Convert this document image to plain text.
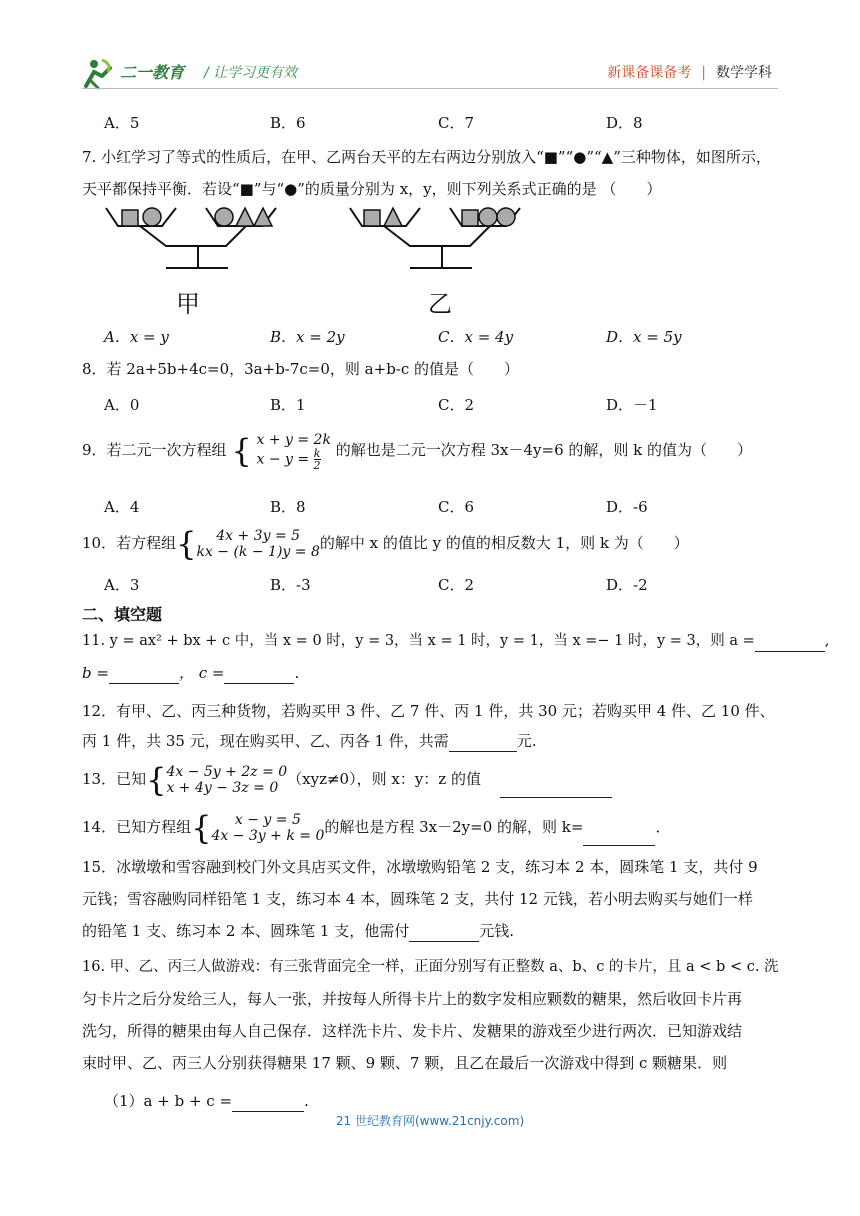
二一教育 / 让学习更有效	新课备课备考 | 数学学科
A．5	B．6	C．7	D．8
7. 小红学习了等式的性质后，在甲、乙两台天平的左右两边分别放入“■”“●”“▲”三种物体，如图所示，
天平都保持平衡．若设“■”与“●”的质量分别为 x，y，则下列关系式正确的是 （　　）
甲	乙
A．x = y	B．x = 2y	C．x = 4y	D．x = 5y
8．若 2a+5b+4c=0，3a+b-7c=0，则 a+b-c 的值是（　　）
A．0	B．1	C．2	D．－1
9．若二元一次方程组 { x + y = 2k
$x - y = \frac{k}{2}$ 的解也是二元一次方程 3x－4y=6 的解，则 k 的值为（　　）
A．4	B．8	C．6	D．-6
10．若方程组{	4x + 3y = 5
kx − (k − 1)y = 8 的解中 x 的值比 y 的值的相反数大 1，则 k 为（　　）
A．3	B．-3	C．2	D．-2
二、填空题
11. y = ax² + bx + c 中，当 x = 0 时，y = 3，当 x = 1 时，y = 1，当 x =− 1 时，y = 3，则 a =	,
b =	， c =	.
12．有甲、乙、丙三种货物，若购买甲 3 件、乙 7 件、丙 1 件，共 30 元；若购买甲 4 件、乙 10 件、
丙 1 件，共 35 元，现在购买甲、乙、丙各 1 件，共需	元.
13．已知{ 4x − 5y + 2z = 0
x + 4y − 3z = 0 （xyz≠0），则 x：y：z 的值
14．已知方程组{	x − y = 5
4x − 3y + k = 0 的解也是方程 3x－2y=0 的解，则 k=	．
15．冰墩墩和雪容融到校门外文具店买文件，冰墩墩购铅笔 2 支，练习本 2 本，圆珠笔 1 支，共付 9
元钱；雪容融购同样铅笔 1 支，练习本 4 本，圆珠笔 2 支，共付 12 元钱，若小明去购买与她们一样
的铅笔 1 支、练习本 2 本、圆珠笔 1 支，他需付	元钱.
16. 甲、乙、丙三人做游戏：有三张背面完全一样，正面分别写有正整数 a、b、c 的卡片，且 a < b < c. 洗
匀卡片之后分发给三人，每人一张，并按每人所得卡片上的数字发相应颗数的糖果，然后收回卡片再
洗匀，所得的糖果由每人自己保存．这样洗卡片、发卡片、发糖果的游戏至少进行两次．已知游戏结
束时甲、乙、丙三人分别获得糖果 17 颗、9 颗、7 颗，且乙在最后一次游戏中得到 c 颗糖果．则
（1）a + b + c =	.
21 世纪教育网(www.21cnjy.com)
